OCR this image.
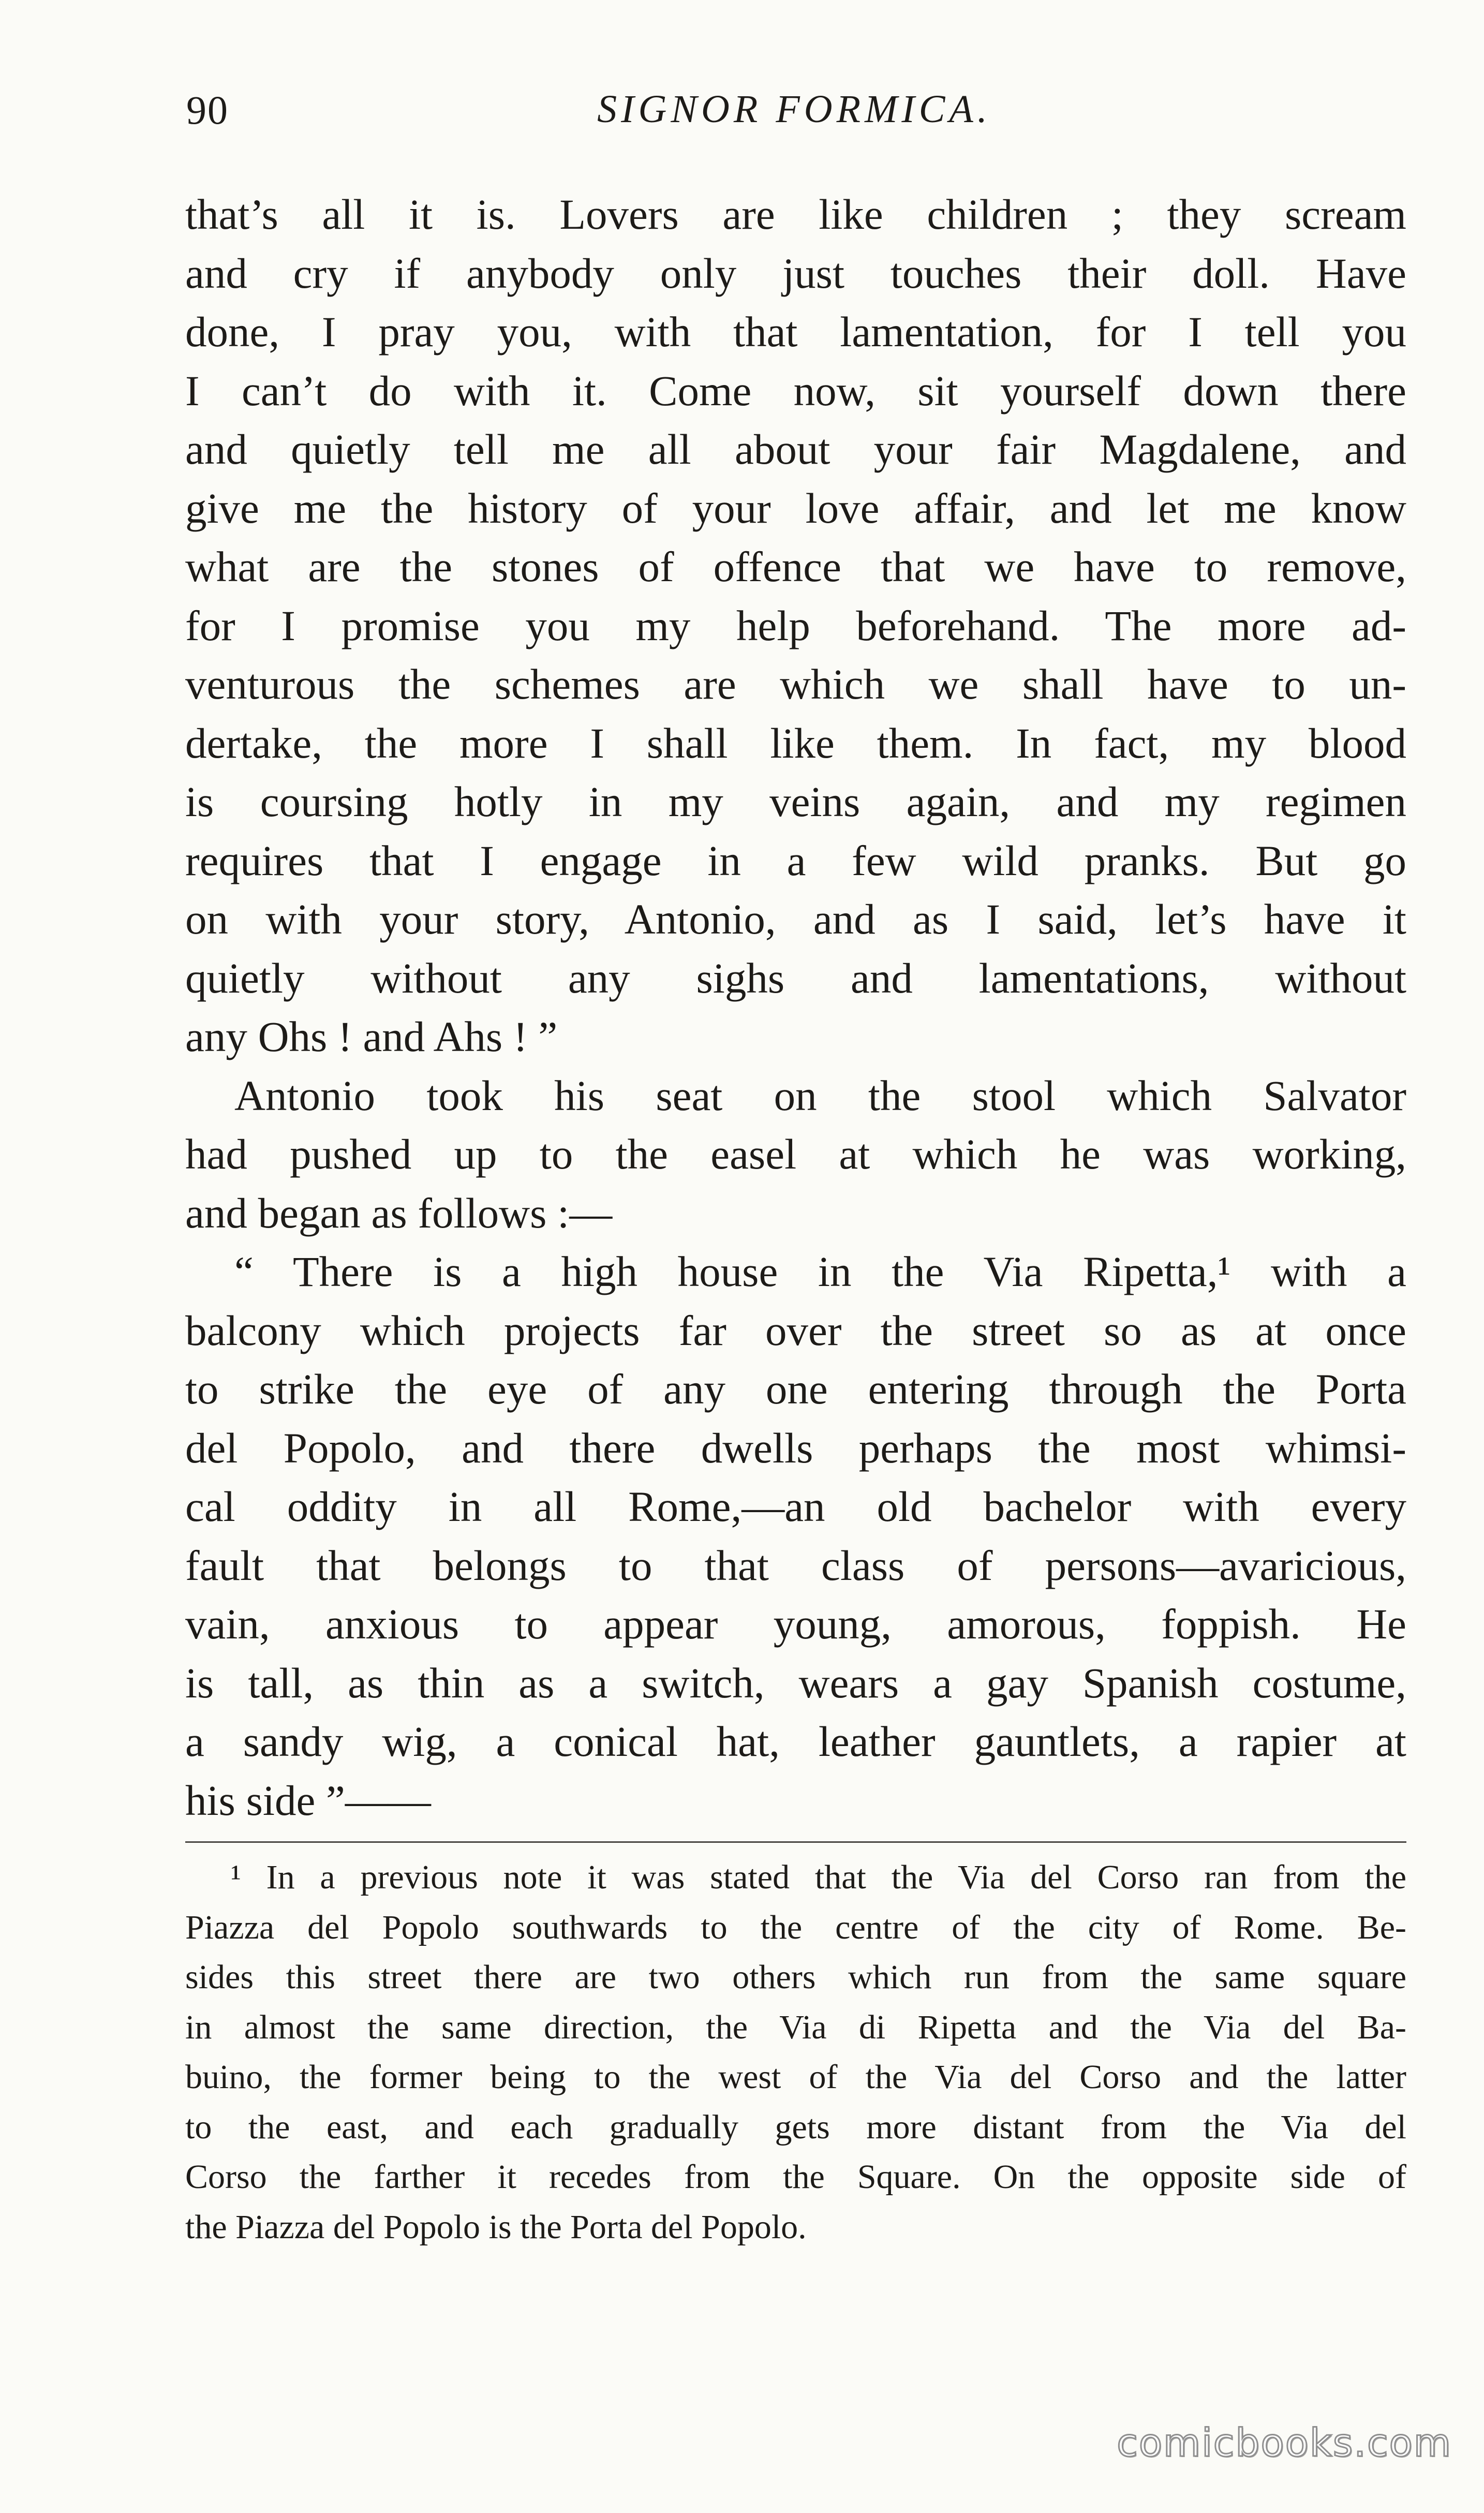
90	SIGNOR FORMICA.
that’s all it is. Lovers are like children ; they scream
and cry if anybody only just touches their doll. Have
done, I pray you, with that lamentation, for I tell you
I can’t do with it. Come now, sit yourself down there
and quietly tell me all about your fair Magdalene, and
give me the history of your love affair, and let me know
what are the stones of offence that we have to remove,
for I promise you my help beforehand. The more ad-
venturous the schemes are which we shall have to un-
dertake, the more I shall like them. In fact, my blood
is coursing hotly in my veins again, and my regimen
requires that I engage in a few wild pranks. But go
on with your story, Antonio, and as I said, let’s have it
quietly without any sighs and lamentations, without
any Ohs ! and Ahs ! ”
Antonio took his seat on the stool which Salvator
had pushed up to the easel at which he was working,
and began as follows :—
“ There is a high house in the Via Ripetta,¹ with a
balcony which projects far over the street so as at once
to strike the eye of any one entering through the Porta
del Popolo, and there dwells perhaps the most whimsi-
cal oddity in all Rome,—an old bachelor with every
fault that belongs to that class of persons—avaricious,
vain, anxious to appear young, amorous, foppish. He
is tall, as thin as a switch, wears a gay Spanish costume,
a sandy wig, a conical hat, leather gauntlets, a rapier at
his side ”——
¹ In a previous note it was stated that the Via del Corso ran from the
Piazza del Popolo southwards to the centre of the city of Rome. Be-
sides this street there are two others which run from the same square
in almost the same direction, the Via di Ripetta and the Via del Ba-
buino, the former being to the west of the Via del Corso and the latter
to the east, and each gradually gets more distant from the Via del
Corso the farther it recedes from the Square. On the opposite side of
the Piazza del Popolo is the Porta del Popolo.
comicbooks.com
